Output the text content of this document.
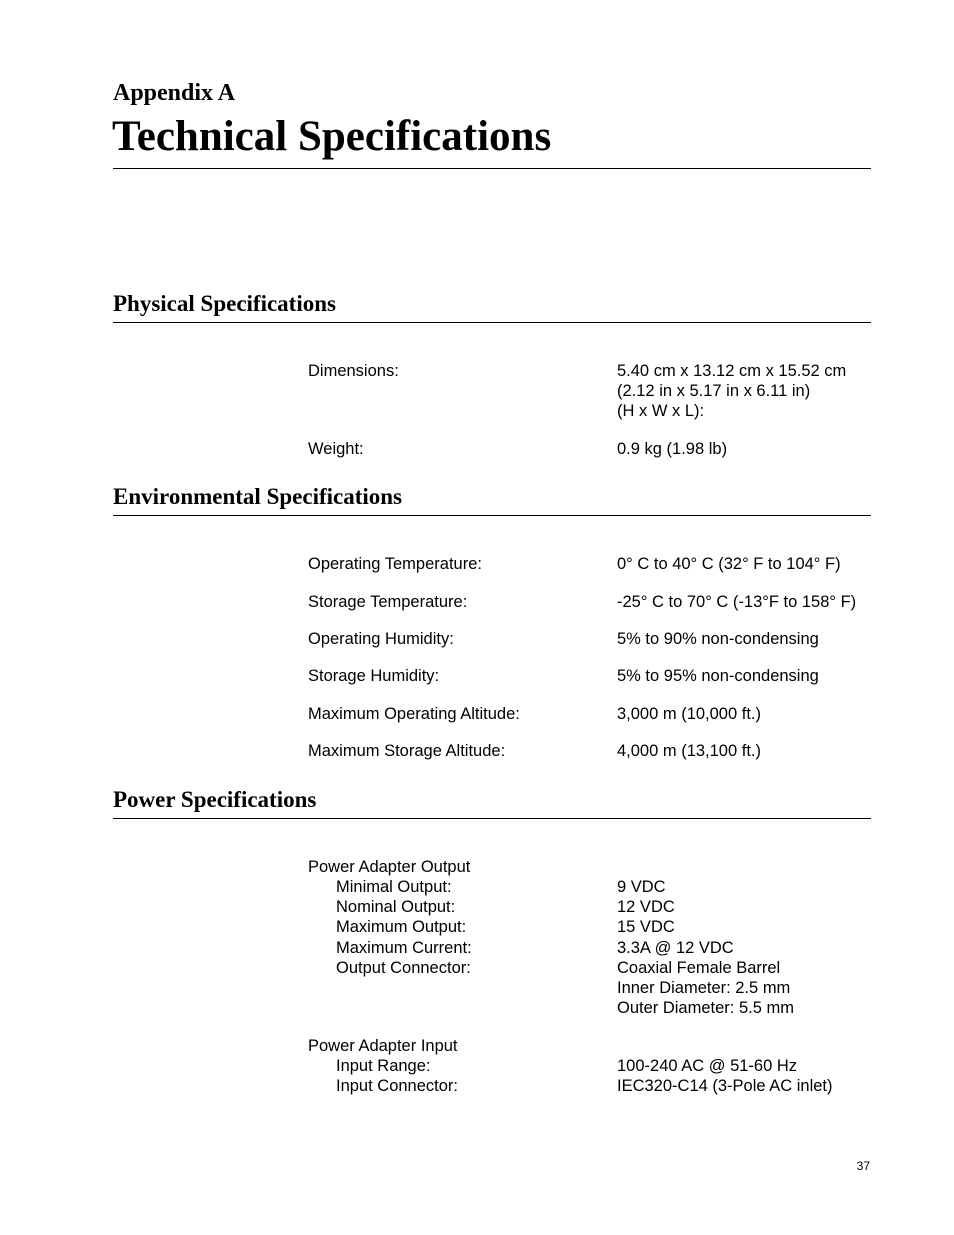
Appendix A
Technical Specifications
Physical Specifications
Dimensions:	5.40 cm x 13.12 cm x 15.52 cm
(2.12 in x 5.17 in x 6.11 in)
(H x W x L):
Weight:	0.9 kg (1.98 lb)
Environmental Specifications
Operating Temperature:	0° C to 40° C (32° F to 104° F)
Storage Temperature:	-25° C to 70° C (-13°F to 158° F)
Operating Humidity:	5% to 90% non-condensing
Storage Humidity:	5% to 95% non-condensing
Maximum Operating Altitude:	3,000 m (10,000 ft.)
Maximum Storage Altitude:	4,000 m (13,100 ft.)
Power Specifications
Power Adapter Output
Minimal Output:	9 VDC
Nominal Output:	12 VDC
Maximum Output:	15 VDC
Maximum Current:	3.3A @ 12 VDC
Output Connector:	Coaxial Female Barrel
Inner Diameter: 2.5 mm
Outer Diameter: 5.5 mm
Power Adapter Input
Input Range:	100-240 AC @ 51-60 Hz
Input Connector:	IEC320-C14 (3-Pole AC inlet)
37
